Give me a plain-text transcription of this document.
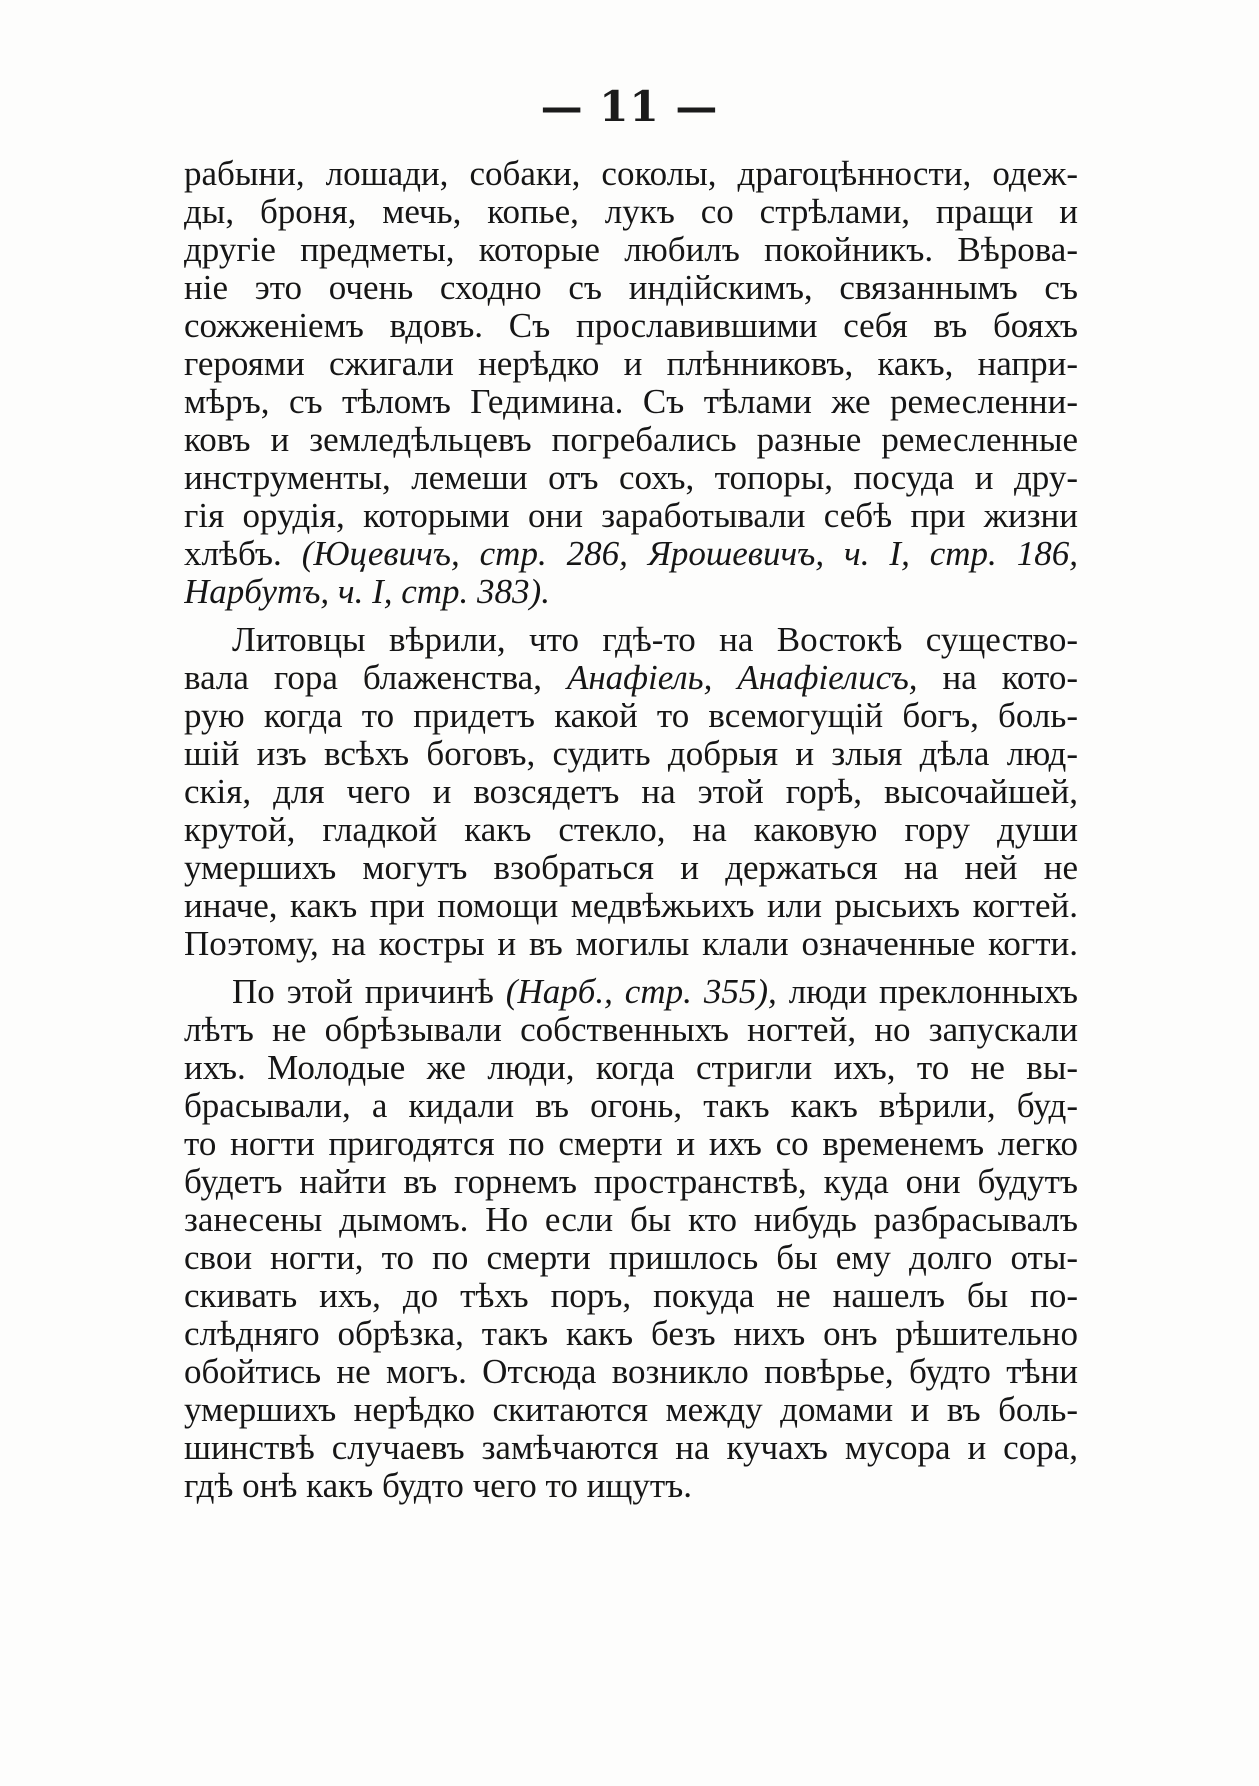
— 11 —
рабыни, лошади, собаки, соколы, драгоцѣнности, одеж-
ды, броня, мечь, копье, лукъ со стрѣлами, пращи и
другіе предметы, которые любилъ покойникъ. Вѣрова-
ніе это очень сходно съ индійскимъ, связаннымъ съ
сожженіемъ вдовъ. Съ прославившими себя въ бояхъ
героями сжигали нерѣдко и плѣнниковъ, какъ, напри-
мѣръ, съ тѣломъ Гедимина. Съ тѣлами же ремесленни-
ковъ и земледѣльцевъ погребались разные ремесленные
инструменты, лемеши отъ сохъ, топоры, посуда и дру-
гія орудія, которыми они заработывали себѣ при жизни
хлѣбъ. (Юцевичъ, стр. 286, Ярошевичъ, ч. I, стр. 186,
Нарбутъ, ч. I, стр. 383).
Литовцы вѣрили, что гдѣ-то на Востокѣ существо-
вала гора блаженства, Анафіель, Анафіелисъ, на кото-
рую когда то придетъ какой то всемогущій богъ, боль-
шій изъ всѣхъ боговъ, судить добрыя и злыя дѣла люд-
скія, для чего и возсядетъ на этой горѣ, высочайшей,
крутой, гладкой какъ стекло, на каковую гору души
умершихъ могутъ взобраться и держаться на ней не
иначе, какъ при помощи медвѣжьихъ или рысьихъ когтей.
Поэтому, на костры и въ могилы клали означенные когти.
По этой причинѣ (Нарб., стр. 355), люди преклонныхъ
лѣтъ не обрѣзывали собственныхъ ногтей, но запускали
ихъ. Молодые же люди, когда стригли ихъ, то не вы-
брасывали, а кидали въ огонь, такъ какъ вѣрили, буд-
то ногти пригодятся по смерти и ихъ со временемъ легко
будетъ найти въ горнемъ пространствѣ, куда они будутъ
занесены дымомъ. Но если бы кто нибудь разбрасывалъ
свои ногти, то по смерти пришлось бы ему долго оты-
скивать ихъ, до тѣхъ поръ, покуда не нашелъ бы по-
слѣдняго обрѣзка, такъ какъ безъ нихъ онъ рѣшительно
обойтись не могъ. Отсюда возникло повѣрье, будто тѣни
умершихъ нерѣдко скитаются между домами и въ боль-
шинствѣ случаевъ замѣчаются на кучахъ мусора и сора,
гдѣ онѣ какъ будто чего то ищутъ.
